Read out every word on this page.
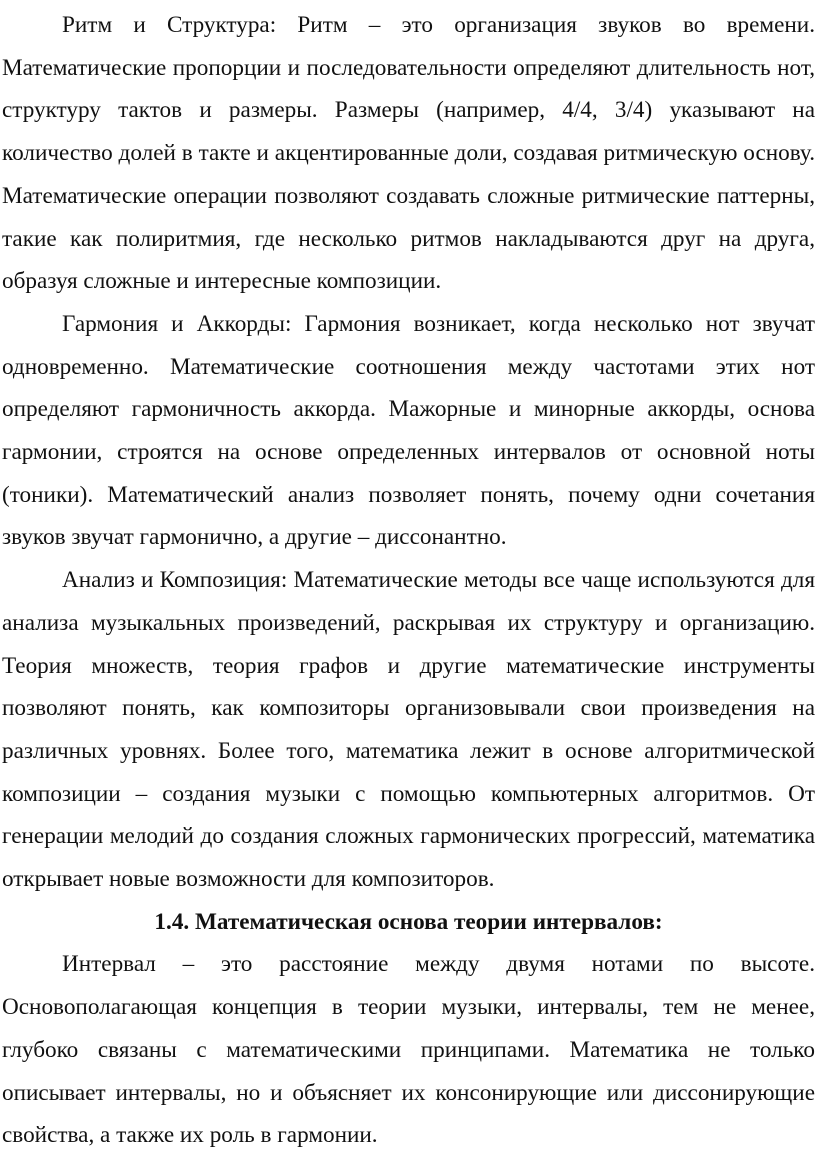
Ритм и Структура: Ритм – это организация звуков во времени. Математические пропорции и последовательности определяют длительность нот, структуру тактов и размеры. Размеры (например, 4/4, 3/4) указывают на количество долей в такте и акцентированные доли, создавая ритмическую основу. Математические операции позволяют создавать сложные ритмические паттерны, такие как полиритмия, где несколько ритмов накладываются друг на друга, образуя сложные и интересные композиции.

Гармония и Аккорды: Гармония возникает, когда несколько нот звучат одновременно. Математические соотношения между частотами этих нот определяют гармоничность аккорда. Мажорные и минорные аккорды, основа гармонии, строятся на основе определенных интервалов от основной ноты (тоники). Математический анализ позволяет понять, почему одни сочетания звуков звучат гармонично, а другие – диссонантно.

Анализ и Композиция: Математические методы все чаще используются для анализа музыкальных произведений, раскрывая их структуру и организацию. Теория множеств, теория графов и другие математические инструменты позволяют понять, как композиторы организовывали свои произведения на различных уровнях. Более того, математика лежит в основе алгоритмической композиции – создания музыки с помощью компьютерных алгоритмов. От генерации мелодий до создания сложных гармонических прогрессий, математика открывает новые возможности для композиторов.

1.4. Математическая основа теории интервалов:

Интервал – это расстояние между двумя нотами по высоте. Основополагающая концепция в теории музыки, интервалы, тем не менее, глубоко связаны с математическими принципами. Математика не только описывает интервалы, но и объясняет их консонирующие или диссонирующие свойства, а также их роль в гармонии.
